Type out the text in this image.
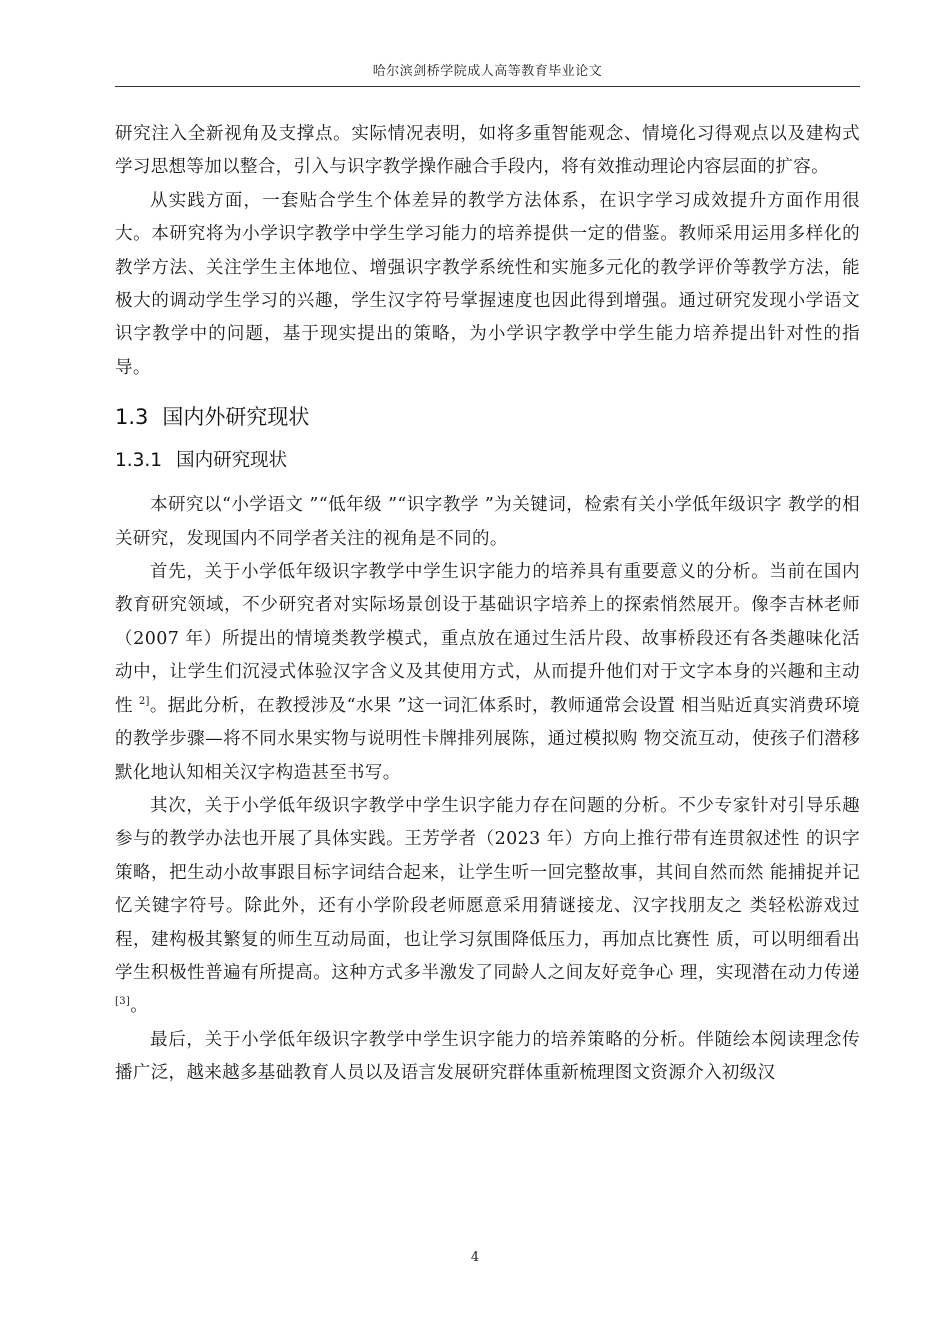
哈尔滨剑桥学院成人高等教育毕业论文

研究注入全新视角及支撑点。实际情况表明，如将多重智能观念、情境化习得观点以及建构式学习思想等加以整合，引入与识字教学操作融合手段内，将有效推动理论内容层面的扩容。

从实践方面，一套贴合学生个体差异的教学方法体系，在识字学习成效提升方面作用很大。本研究将为小学识字教学中学生学习能力的培养提供一定的借鉴。教师采用运用多样化的教学方法、关注学生主体地位、增强识字教学系统性和实施多元化的教学评价等教学方法，能极大的调动学生学习的兴趣，学生汉字符号掌握速度也因此得到增强。通过研究发现小学语文识字教学中的问题，基于现实提出的策略，为小学识字教学中学生能力培养提出针对性的指导。

1.3 国内外研究现状
1.3.1 国内研究现状

本研究以“小学语文 ”“低年级 ”“识字教学 ”为关键词，检索有关小学低年级识字 教学的相关研究，发现国内不同学者关注的视角是不同的。

首先，关于小学低年级识字教学中学生识字能力的培养具有重要意义的分析。当前在国内教育研究领域，不少研究者对实际场景创设于基础识字培养上的探索悄然展开。像李吉林老师（2007 年）所提出的情境类教学模式，重点放在通过生活片段、故事桥段还有各类趣味化活动中，让学生们沉浸式体验汉字含义及其使用方式，从而提升他们对于文字本身的兴趣和主动性 $^{2]}$。据此分析，在教授涉及“水果 ”这一词汇体系时，教师通常会设置 相当贴近真实消费环境的教学步骤—将不同水果实物与说明性卡牌排列展陈，通过模拟购 物交流互动，使孩子们潜移默化地认知相关汉字构造甚至书写。

其次，关于小学低年级识字教学中学生识字能力存在问题的分析。不少专家针对引导乐趣参与的教学办法也开展了具体实践。王芳学者（2023 年）方向上推行带有连贯叙述性 的识字策略，把生动小故事跟目标字词结合起来，让学生听一回完整故事，其间自然而然 能捕捉并记忆关键字符号。除此外，还有小学阶段老师愿意采用猜谜接龙、汉字找朋友之 类轻松游戏过程，建构极其繁复的师生互动局面，也让学习氛围降低压力，再加点比赛性 质，可以明细看出学生积极性普遍有所提高。这种方式多半激发了同龄人之间友好竞争心 理，实现潜在动力传递[3]。

最后，关于小学低年级识字教学中学生识字能力的培养策略的分析。伴随绘本阅读理念传播广泛，越来越多基础教育人员以及语言发展研究群体重新梳理图文资源介入初级汉

4
